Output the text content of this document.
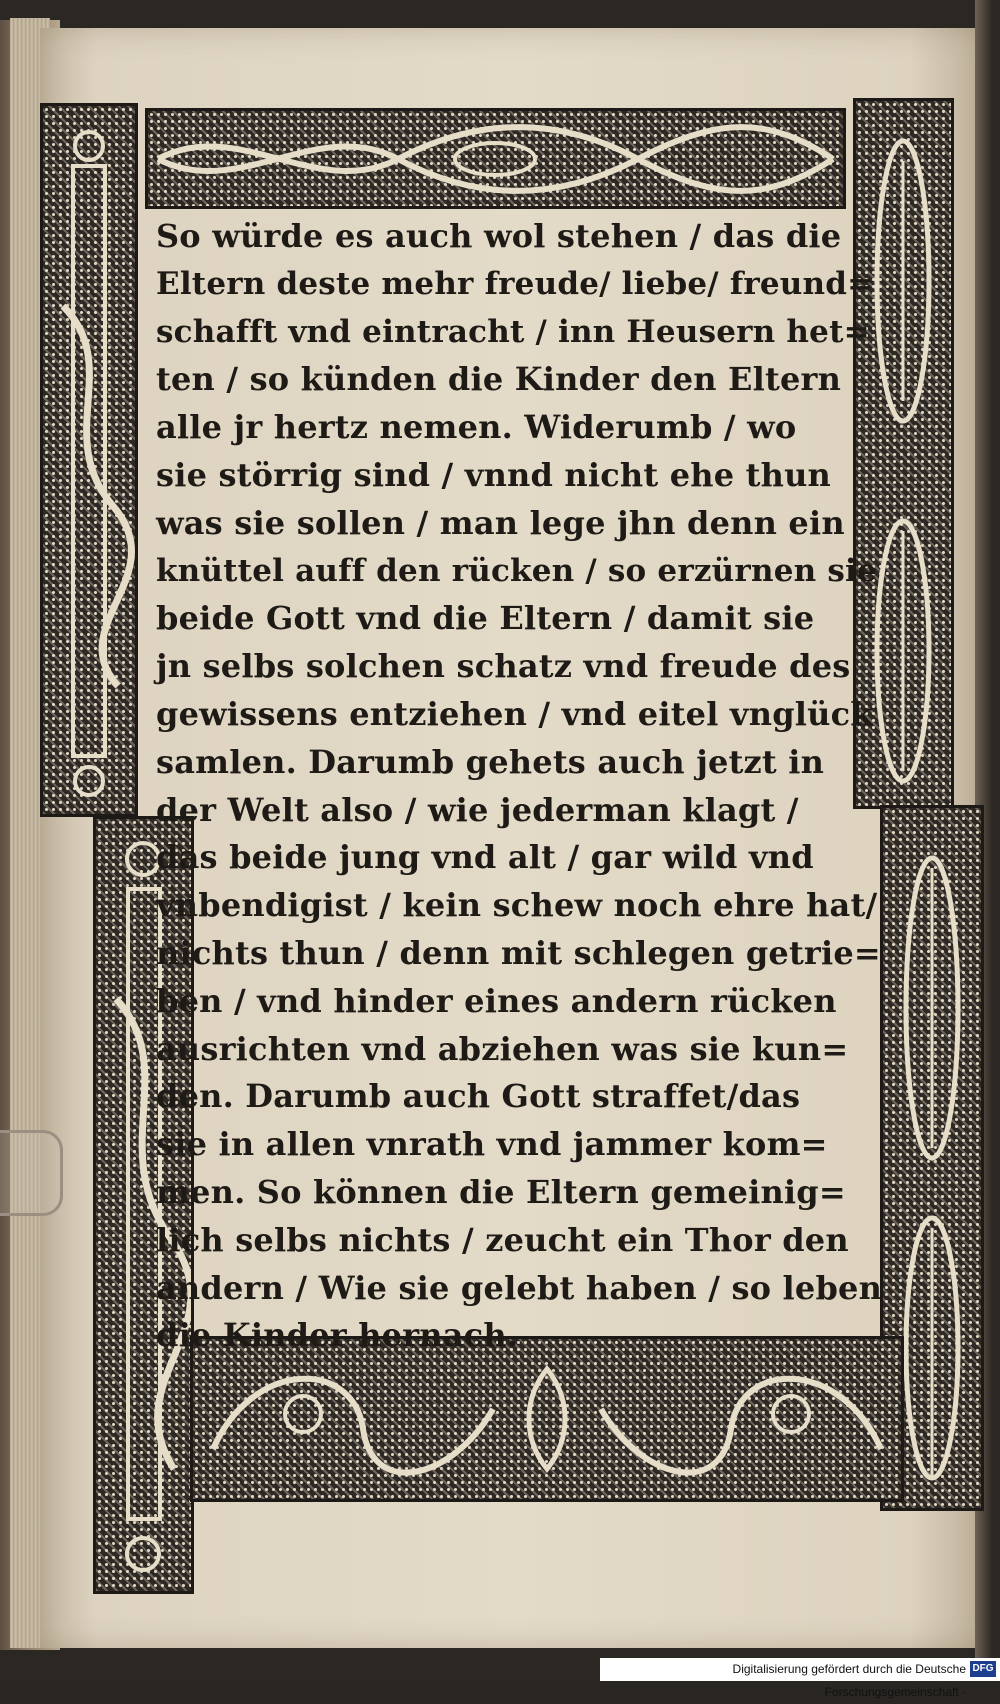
So würde es auch wol stehen / das die
Eltern deste mehr freude/ liebe/ freund=
schafft vnd eintracht / inn Heusern het=
ten / so künden die Kinder den Eltern
alle jr hertz nemen. Widerumb / wo
sie störrig sind / vnnd nicht ehe thun
was sie sollen / man lege jhn denn ein
knüttel auff den rücken / so erzürnen sie
beide Gott vnd die Eltern / damit sie
jn selbs solchen schatz vnd freude des
gewissens entziehen / vnd eitel vnglück
samlen. Darumb gehets auch jetzt in
der Welt also / wie jederman klagt /
das beide jung vnd alt / gar wild vnd
vnbendigist / kein schew noch ehre hat/
nichts thun / denn mit schlegen getrie=
ben / vnd hinder eines andern rücken
ausrichten vnd abziehen was sie kun=
den. Darumb auch Gott straffet/das
sie in allen vnrath vnd jammer kom=
men. So können die Eltern gemeinig=
lich selbs nichts / zeucht ein Thor den
andern / Wie sie gelebt haben / so leben
die Kinder hernach.
Digitalisierung gefördert durch die Deutsche Forschungsgemeinschaft ·
DFG
